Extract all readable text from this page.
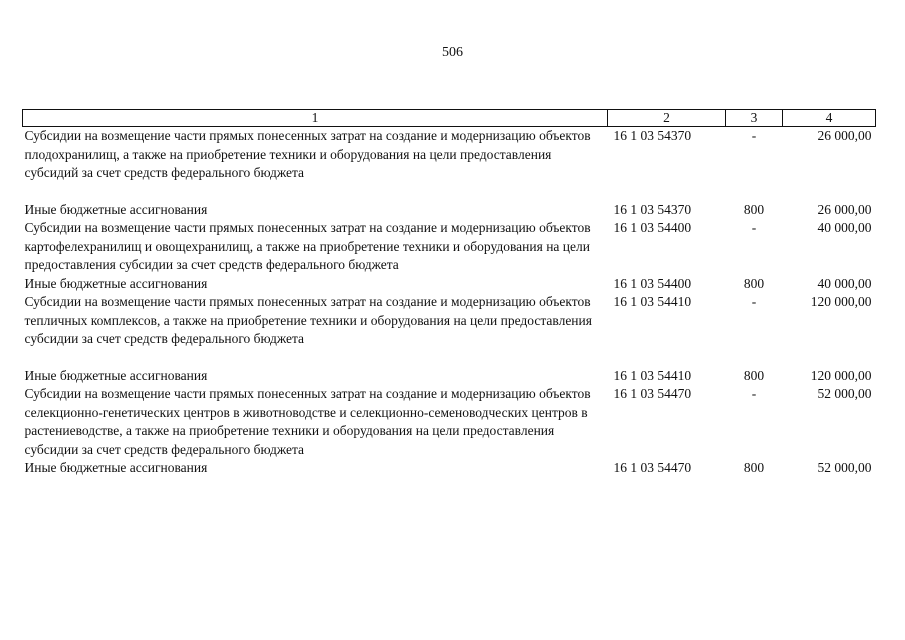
506
1	2	3	4
Субсидии на возмещение части прямых понесенных затрат на создание и модернизацию объектов плодохранилищ, а также на приобретение техники и оборудования на цели предоставления субсидий за счет средств федерального бюджета	16 1 03 54370	-	26 000,00
Иные бюджетные ассигнования	16 1 03 54370	800	26 000,00
Субсидии на возмещение части прямых понесенных затрат на создание и модернизацию объектов картофелехранилищ и овощехранилищ, а также на приобретение техники и оборудования на цели предоставления субсидии за счет средств федерального бюджета	16 1 03 54400	-	40 000,00
Иные бюджетные ассигнования	16 1 03 54400	800	40 000,00
Субсидии на возмещение части прямых понесенных затрат на создание и модернизацию объектов тепличных комплексов, а также на приобретение техники и оборудования на цели предоставления субсидии за счет средств федерального бюджета	16 1 03 54410	-	120 000,00
Иные бюджетные ассигнования	16 1 03 54410	800	120 000,00
Субсидии на возмещение части прямых понесенных затрат на создание и модернизацию объектов селекционно-генетических центров в животноводстве и селекционно-семеноводческих центров в растениеводстве, а также на приобретение техники и оборудования на цели предоставления субсидии за счет средств федерального бюджета	16 1 03 54470	-	52 000,00
Иные бюджетные ассигнования	16 1 03 54470	800	52 000,00
